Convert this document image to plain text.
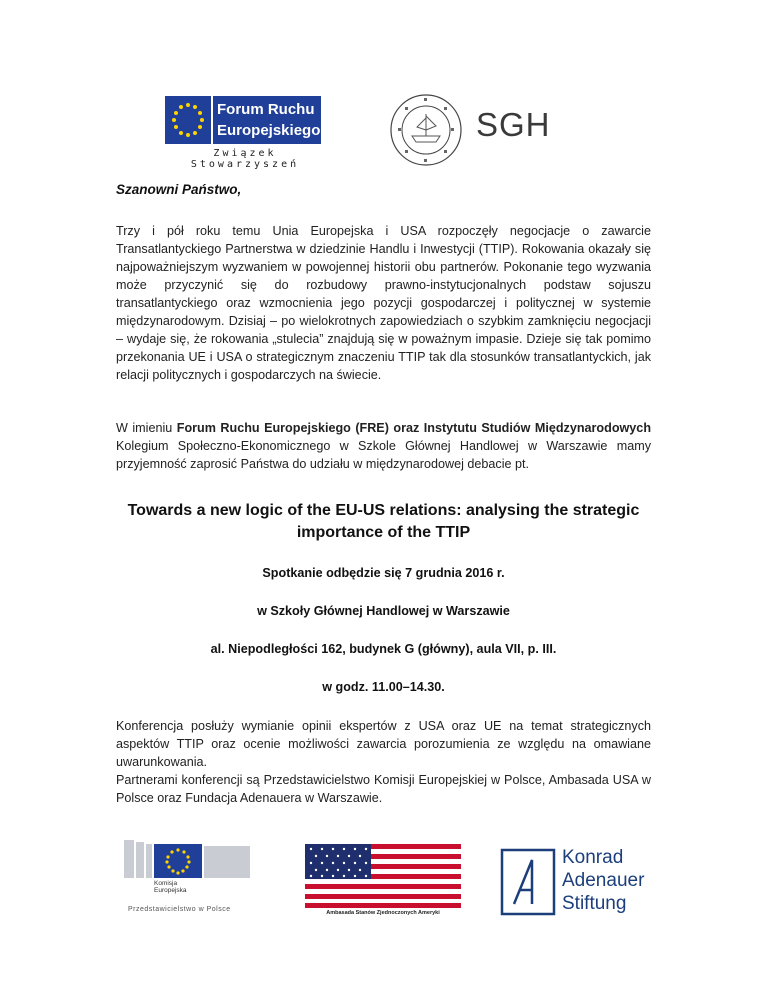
Forum Ruchu
Europejskiego
Związek Stowarzyszeń
SGH
Szanowni Państwo,
Trzy i pół roku temu Unia Europejska i USA rozpoczęły negocjacje o zawarcie Transatlantyckiego Partnerstwa w dziedzinie Handlu i Inwestycji (TTIP). Rokowania okazały się najpoważniejszym wyzwaniem w powojennej historii obu partnerów. Pokonanie tego wyzwania może przyczynić się do rozbudowy prawno-instytucjonalnych podstaw sojuszu transatlantyckiego oraz wzmocnienia jego pozycji gospodarczej i politycznej w systemie międzynarodowym. Dzisiaj – po wielokrotnych zapowiedziach o szybkim zamknięciu negocjacji – wydaje się, że rokowania „stulecia” znajdują się w poważnym impasie. Dzieje się tak pomimo przekonania UE i USA o strategicznym znaczeniu TTIP tak dla stosunków transatlantyckich, jak relacji politycznych i gospodarczych na świecie.
W imieniu Forum Ruchu Europejskiego (FRE) oraz Instytutu Studiów Międzynarodowych Kolegium Społeczno-Ekonomicznego w Szkole Głównej Handlowej w Warszawie mamy przyjemność zaprosić Państwa do udziału w międzynarodowej debacie pt.
Towards a new logic of the EU-US relations: analysing the strategic importance of the TTIP
Spotkanie odbędzie się 7 grudnia 2016 r.
w Szkoły Głównej Handlowej w Warszawie
al. Niepodległości 162, budynek G (główny), aula VII, p. III.
w godz. 11.00–14.30.
Konferencja posłuży wymianie opinii ekspertów z USA oraz UE na temat strategicznych aspektów TTIP oraz ocenie możliwości zawarcia porozumienia ze względu na omawiane uwarunkowania.
Partnerami konferencji są Przedstawicielstwo Komisji Europejskiej w Polsce, Ambasada USA w Polsce oraz Fundacja Adenauera w Warszawie.
Komisja
Europejska
Przedstawicielstwo w Polsce	Ambasada Stanów Zjednoczonych Ameryki
Konrad
Adenauer
Stiftung
